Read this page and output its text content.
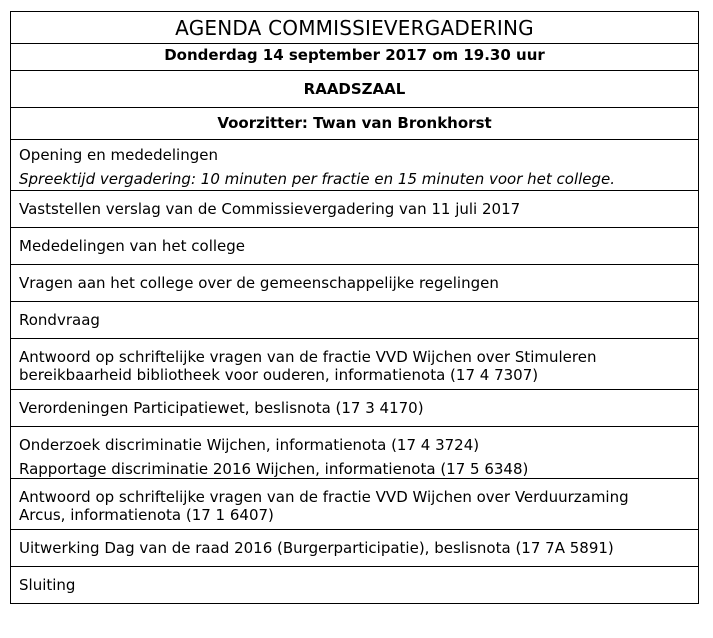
AGENDA COMMISSIEVERGADERING

Donderdag 14 september 2017 om 19.30 uur

RAADSZAAL

Voorzitter: Twan van Bronkhorst

Opening en mededelingen
Spreektijd vergadering: 10 minuten per fractie en 15 minuten voor het college.

Vaststellen verslag van de Commissievergadering van 11 juli 2017

Mededelingen van het college

Vragen aan het college over de gemeenschappelijke regelingen

Rondvraag

Antwoord op schriftelijke vragen van de fractie VVD Wijchen over Stimuleren
bereikbaarheid bibliotheek voor ouderen, informatienota (17 4 7307)

Verordeningen Participatiewet, beslisnota (17 3 4170)

Onderzoek discriminatie Wijchen, informatienota (17 4 3724)
Rapportage discriminatie 2016 Wijchen, informatienota (17 5 6348)

Antwoord op schriftelijke vragen van de fractie VVD Wijchen over Verduurzaming
Arcus, informatienota (17 1 6407)

Uitwerking Dag van de raad 2016 (Burgerparticipatie), beslisnota (17 7A 5891)

Sluiting
